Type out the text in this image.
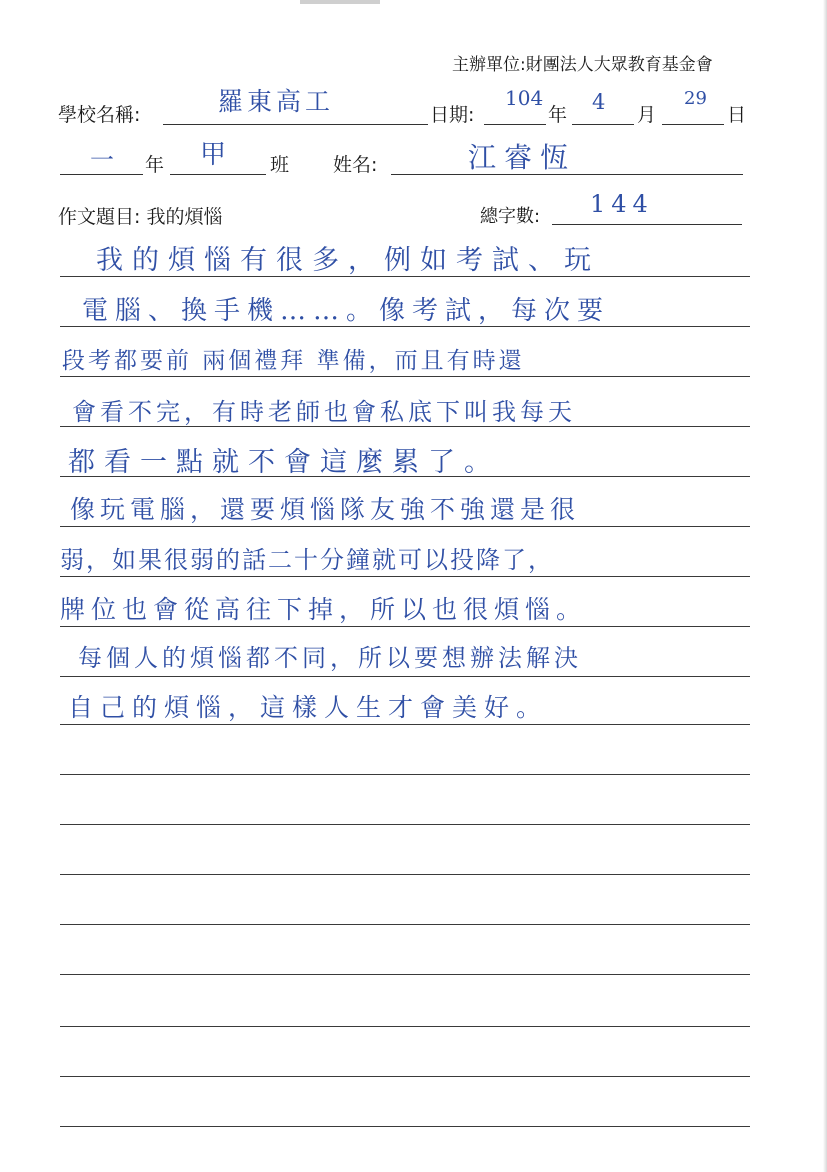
主辦單位:財團法人大眾教育基金會
學校名稱:	羅東高工	日期:
104
年
4
月
29
日
一 年 甲 班 姓名:	江睿恆
作文題目: 我的煩惱	總字數: 144
我的煩惱有很多，例如考試、玩
電腦、換手機……。像考試，每次要
段考都要前 兩個禮拜 準備，而且有時還
會看不完，有時老師也會私底下叫我每天
都看一點就不會這麼累了。
像玩電腦，還要煩惱隊友強不強還是很
弱，如果很弱的話二十分鐘就可以投降了，
牌位也會從高往下掉，所以也很煩惱。
每個人的煩惱都不同，所以要想辦法解決
自己的煩惱，這樣人生才會美好。
